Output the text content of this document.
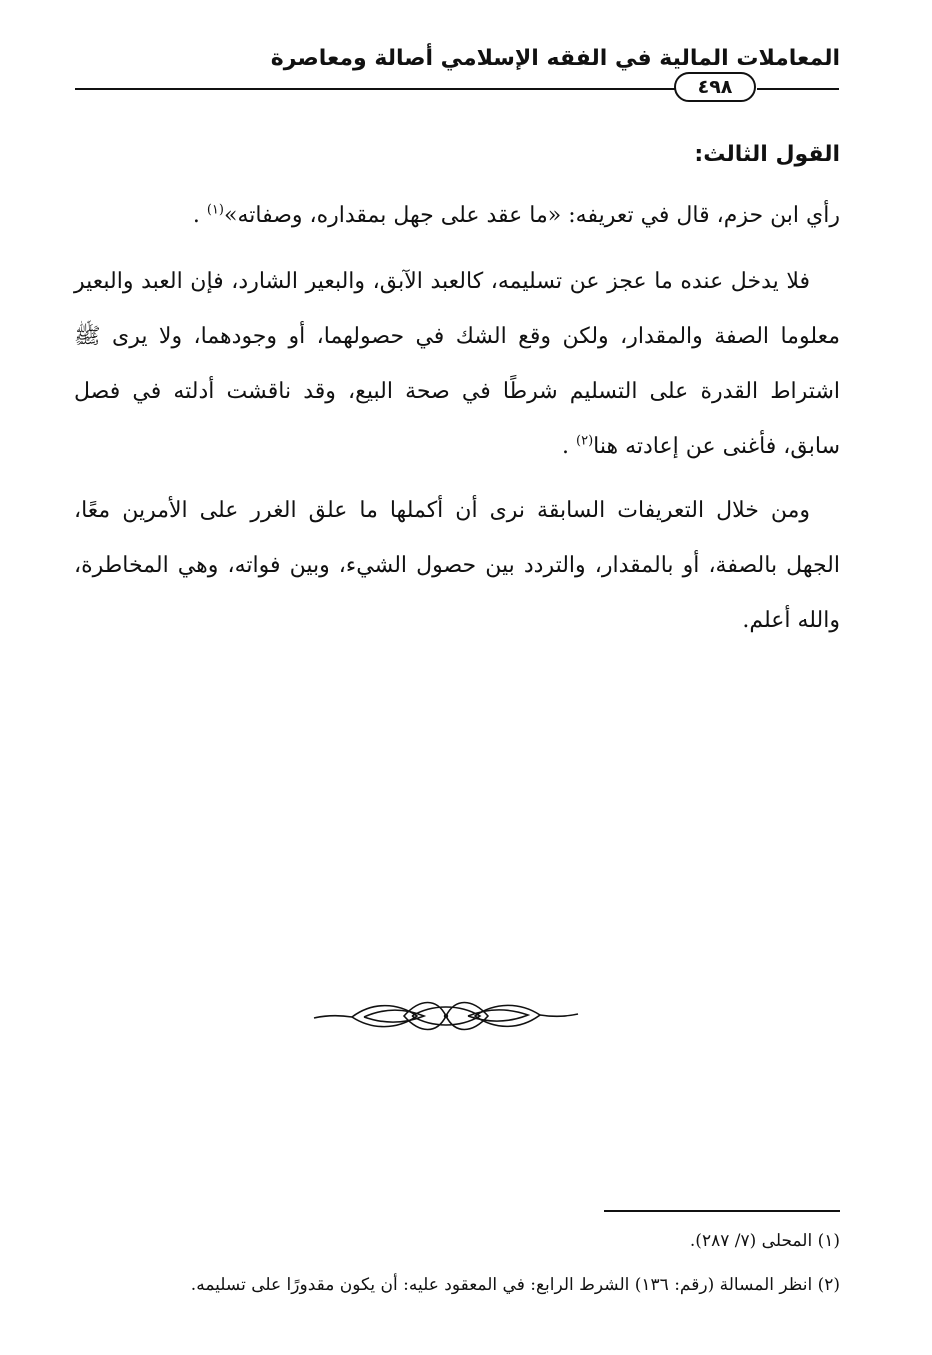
المعاملات المالية في الفقه الإسلامي أصالة ومعاصرة
٤٩٨
القول الثالث:

رأي ابن حزم، قال في تعريفه: «ما عقد على جهل بمقداره، وصفاته»$^{(١)}$ .

فلا يدخل عنده ما عجز عن تسليمه، كالعبد الآبق، والبعير الشارد، فإن العبد والبعير معلوما الصفة والمقدار، ولكن وقع الشك في حصولهما، أو وجودهما، ولا يرى ﷺ اشتراط القدرة على التسليم شرطًا في صحة البيع، وقد ناقشت أدلته في فصل سابق، فأغنى عن إعادته هنا$^{(٢)}$ .

ومن خلال التعريفات السابقة نرى أن أكملها ما علق الغرر على الأمرين معًا، الجهل بالصفة، أو بالمقدار، والتردد بين حصول الشيء، وبين فواته، وهي المخاطرة، والله أعلم.

(١) المحلى (٧/ ٢٨٧).
(٢) انظر المسالة (رقم: ١٣٦) الشرط الرابع: في المعقود عليه: أن يكون مقدورًا على تسليمه.
